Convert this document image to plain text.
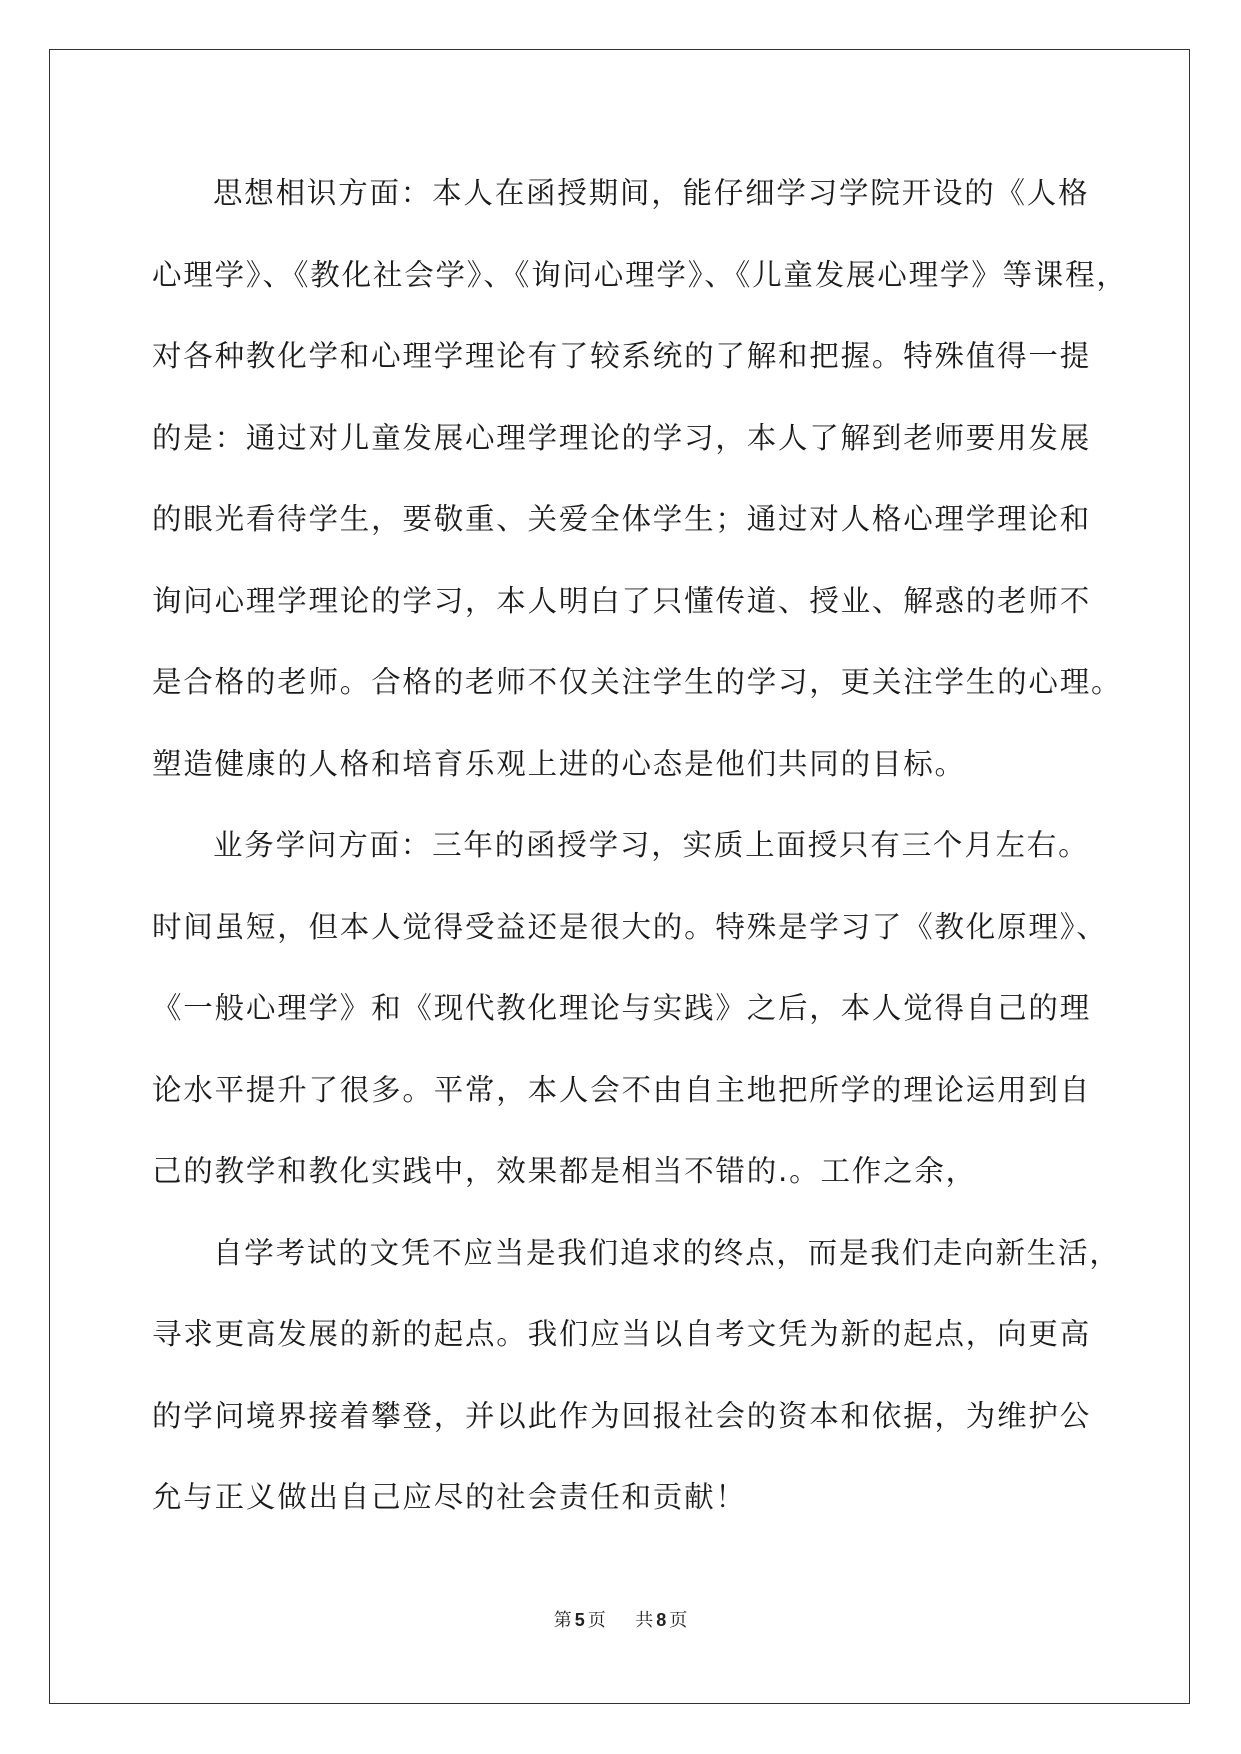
思想相识方面：本人在函授期间，能仔细学习学院开设的《人格
心理学》、《教化社会学》、《询问心理学》、《儿童发展心理学》等课程，
对各种教化学和心理学理论有了较系统的了解和把握。特殊值得一提
的是：通过对儿童发展心理学理论的学习，本人了解到老师要用发展
的眼光看待学生，要敬重、关爱全体学生；通过对人格心理学理论和
询问心理学理论的学习，本人明白了只懂传道、授业、解惑的老师不
是合格的老师。合格的老师不仅关注学生的学习，更关注学生的心理。
塑造健康的人格和培育乐观上进的心态是他们共同的目标。
业务学问方面：三年的函授学习，实质上面授只有三个月左右。
时间虽短，但本人觉得受益还是很大的。特殊是学习了《教化原理》、
《一般心理学》和《现代教化理论与实践》之后，本人觉得自己的理
论水平提升了很多。平常，本人会不由自主地把所学的理论运用到自
己的教学和教化实践中，效果都是相当不错的.。工作之余，
自学考试的文凭不应当是我们追求的终点，而是我们走向新生活，
寻求更高发展的新的起点。我们应当以自考文凭为新的起点，向更高
的学问境界接着攀登，并以此作为回报社会的资本和依据，为维护公
允与正义做出自己应尽的社会责任和贡献！
第 5 页 共 8 页
